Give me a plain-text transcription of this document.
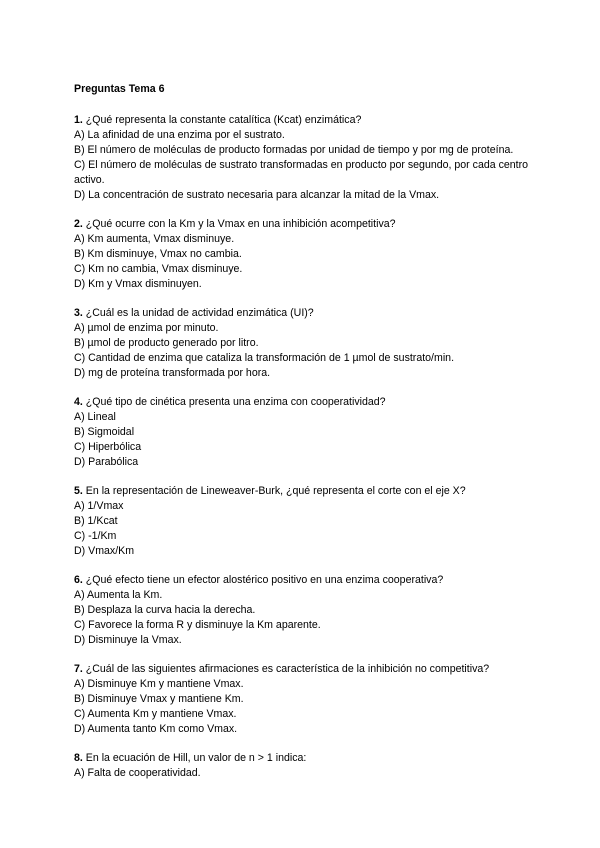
Preguntas Tema 6

1. ¿Qué representa la constante catalítica (Kcat) enzimática?

A) La afinidad de una enzima por el sustrato.

B) El número de moléculas de producto formadas por unidad de tiempo y por mg de proteína.

C) El número de moléculas de sustrato transformadas en producto por segundo, por cada centro activo.

D) La concentración de sustrato necesaria para alcanzar la mitad de la Vmax.

2. ¿Qué ocurre con la Km y la Vmax en una inhibición acompetitiva?

A) Km aumenta, Vmax disminuye.

B) Km disminuye, Vmax no cambia.

C) Km no cambia, Vmax disminuye.

D) Km y Vmax disminuyen.

3. ¿Cuál es la unidad de actividad enzimática (UI)?

A) µmol de enzima por minuto.

B) µmol de producto generado por litro.

C) Cantidad de enzima que cataliza la transformación de 1 µmol de sustrato/min.

D) mg de proteína transformada por hora.

4. ¿Qué tipo de cinética presenta una enzima con cooperatividad?

A) Lineal

B) Sigmoidal

C) Hiperbólica

D) Parabólica

5. En la representación de Lineweaver-Burk, ¿qué representa el corte con el eje X?

A) 1/Vmax

B) 1/Kcat

C) -1/Km

D) Vmax/Km

6. ¿Qué efecto tiene un efector alostérico positivo en una enzima cooperativa?

A) Aumenta la Km.

B) Desplaza la curva hacia la derecha.

C) Favorece la forma R y disminuye la Km aparente.

D) Disminuye la Vmax.

7. ¿Cuál de las siguientes afirmaciones es característica de la inhibición no competitiva?

A) Disminuye Km y mantiene Vmax.

B) Disminuye Vmax y mantiene Km.

C) Aumenta Km y mantiene Vmax.

D) Aumenta tanto Km como Vmax.

8. En la ecuación de Hill, un valor de n > 1 indica:

A) Falta de cooperatividad.
